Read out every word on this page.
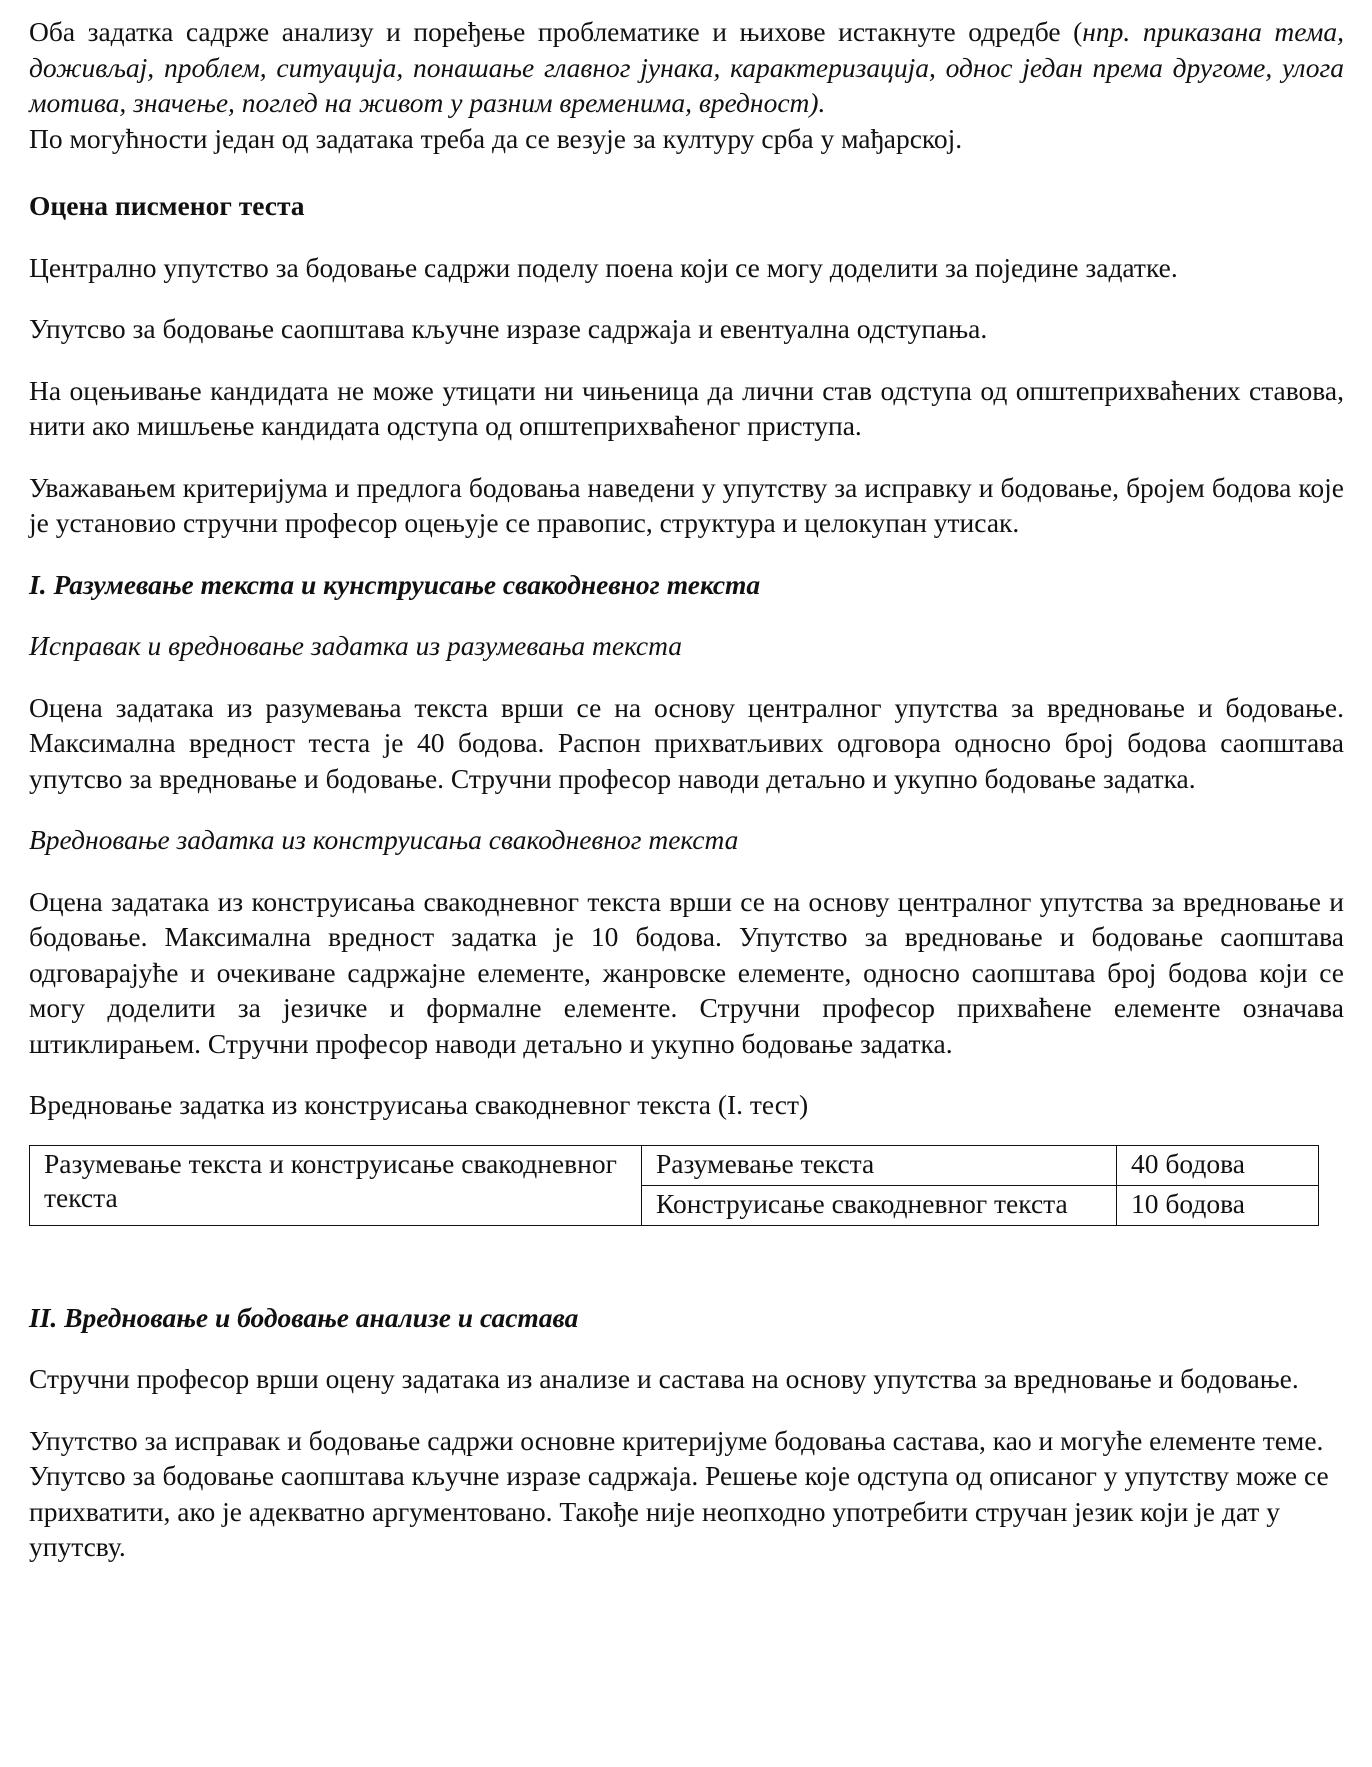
Оба задатка садрже анализу и поређење проблематике и њихове истакнуте одредбе (нпр. приказана тема, доживљај, проблем, ситуација, понашање главног јунака, карактеризација, однос један према другоме, улога мотива, значење, поглед на живот у разним временима, вредност).

По могућности један од задатака треба да се везује за културу срба у мађарској.

Оцена писменог теста

Централно упутство за бодовање садржи поделу поена који се могу доделити за поједине задатке.

Упутсво за бодовање саопштава кључне изразе садржаја и евентуална одступања.

На оцењивање кандидата не може утицати ни чињеница да лични став одступа од општеприхваћених ставова, нити ако мишљење кандидата одступа од општеприхваћеног приступа.

Уважавањем критеријума и предлога бодовања наведени у упутству за исправку и бодовање, бројем бодова које је установио стручни професор оцењује се правопис, структура и целокупан утисак.

I. Разумевање текста и кунструисање свакодневног текста

Исправак и вредновање задатка из разумевања текста

Оцена задатака из разумевања текста врши се на основу централног упутства за вредновање и бодовање. Максимална вредност теста је 40 бодова. Распон прихватљивих одговора односно број бодова саопштава упутсво за вредновање и бодовање. Стручни професор наводи детаљно и укупно бодовање задатка.

Вредновање задатка из конструисања свакодневног текста

Оцена задатака из конструисања свакодневног текста врши се на основу централног упутства за вредновање и бодовање. Максимална вредност задатка је 10 бодова. Упутство за вредновање и бодовање саопштава одговарајуће и очекиване садржајне елементе, жанровске елементе, односно саопштава број бодова који се могу доделити за језичке и формалне елементе. Стручни професор прихваћене елементе означава штиклирањем. Стручни професор наводи детаљно и укупно бодовање задатка.

Вредновање задатка из конструисања свакодневног текста (I. тест)

Разумевање текста и конструисање свакодневног текста	Разумевање текста	40 бодова
	Конструисање свакодневног текста	10 бодова

II. Вредновање и бодовање анализе и састава

Стручни професор врши оцену задатака из анализе и састава на основу упутства за вредновање и бодовање.

Упутство за исправак и бодовање садржи основне критеријуме бодовања састава, као и могуће елементе теме. Упутсво за бодовање саопштава кључне изразе садржаја. Решење које одступа од описаног у упутству може се прихватити, ако је адекватно аргументовано. Такође није неопходно употребити стручан језик који је дат у упутсву.
